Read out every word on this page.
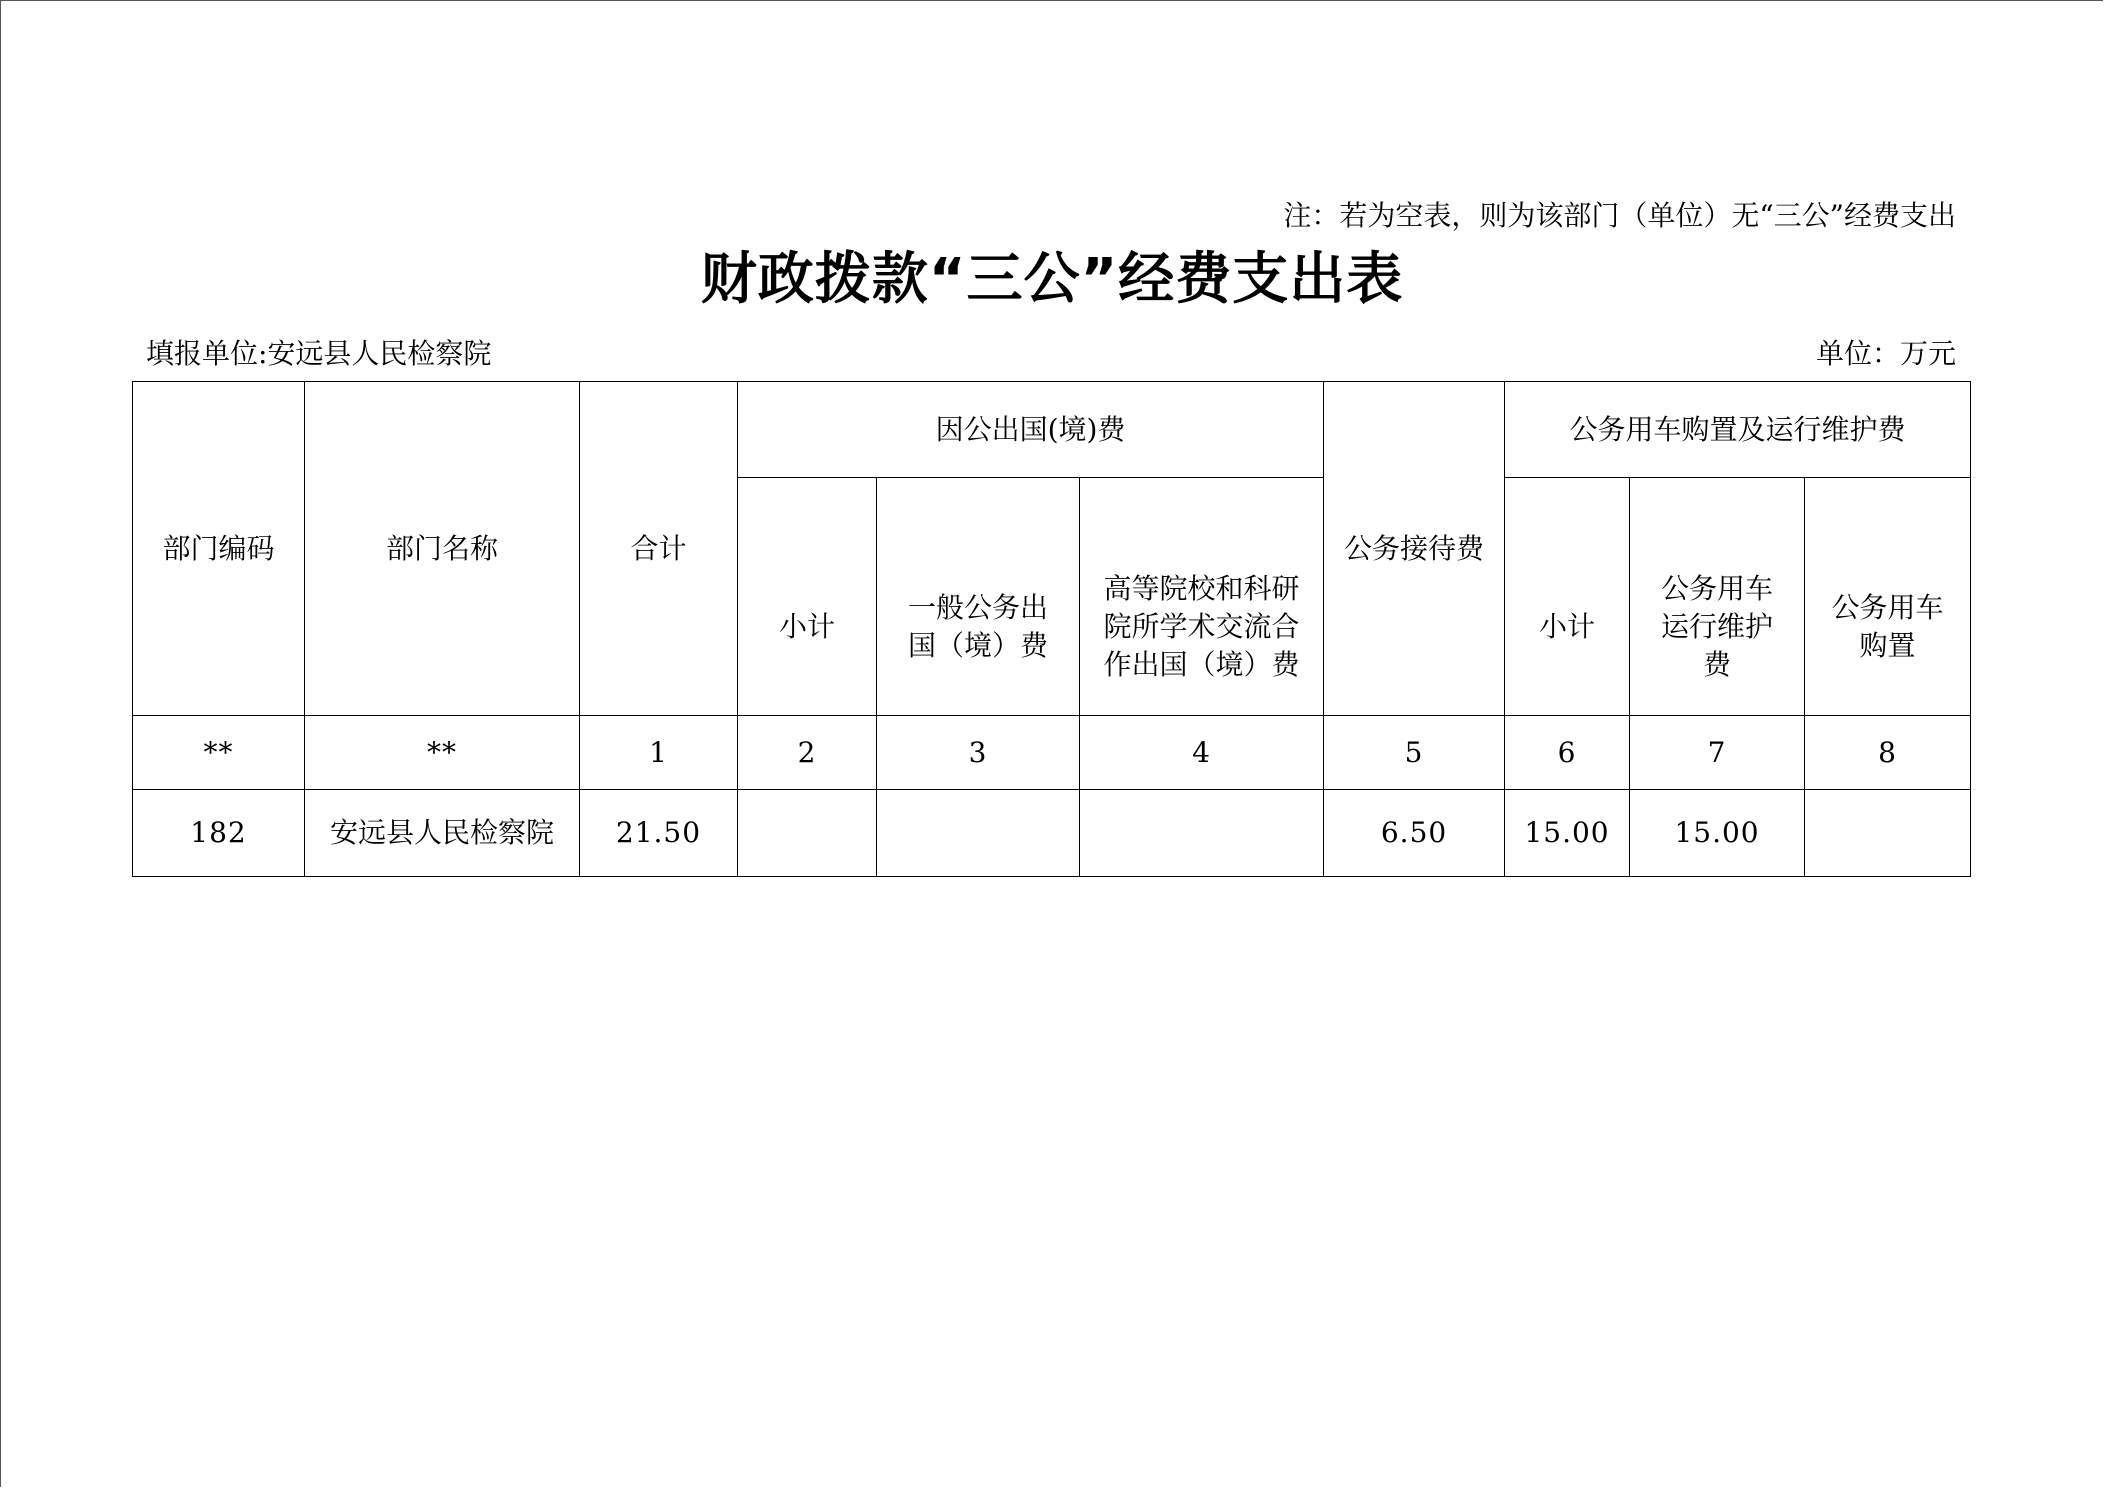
注：若为空表，则为该部门（单位）无“三公”经费支出
财政拨款“三公”经费支出表
填报单位:安远县人民检察院	单位：万元
部门编码	部门名称	合计	因公出国(境)费			公务接待费	公务用车购置及运行维护费		
			小计	一般公务出国（境）费	高等院校和科研院所学术交流合作出国（境）费		小计	公务用车运行维护费	公务用车购置
**	**	1	2	3	4	5	6	7	8
182	安远县人民检察院	21.50				6.50	15.00	15.00	
